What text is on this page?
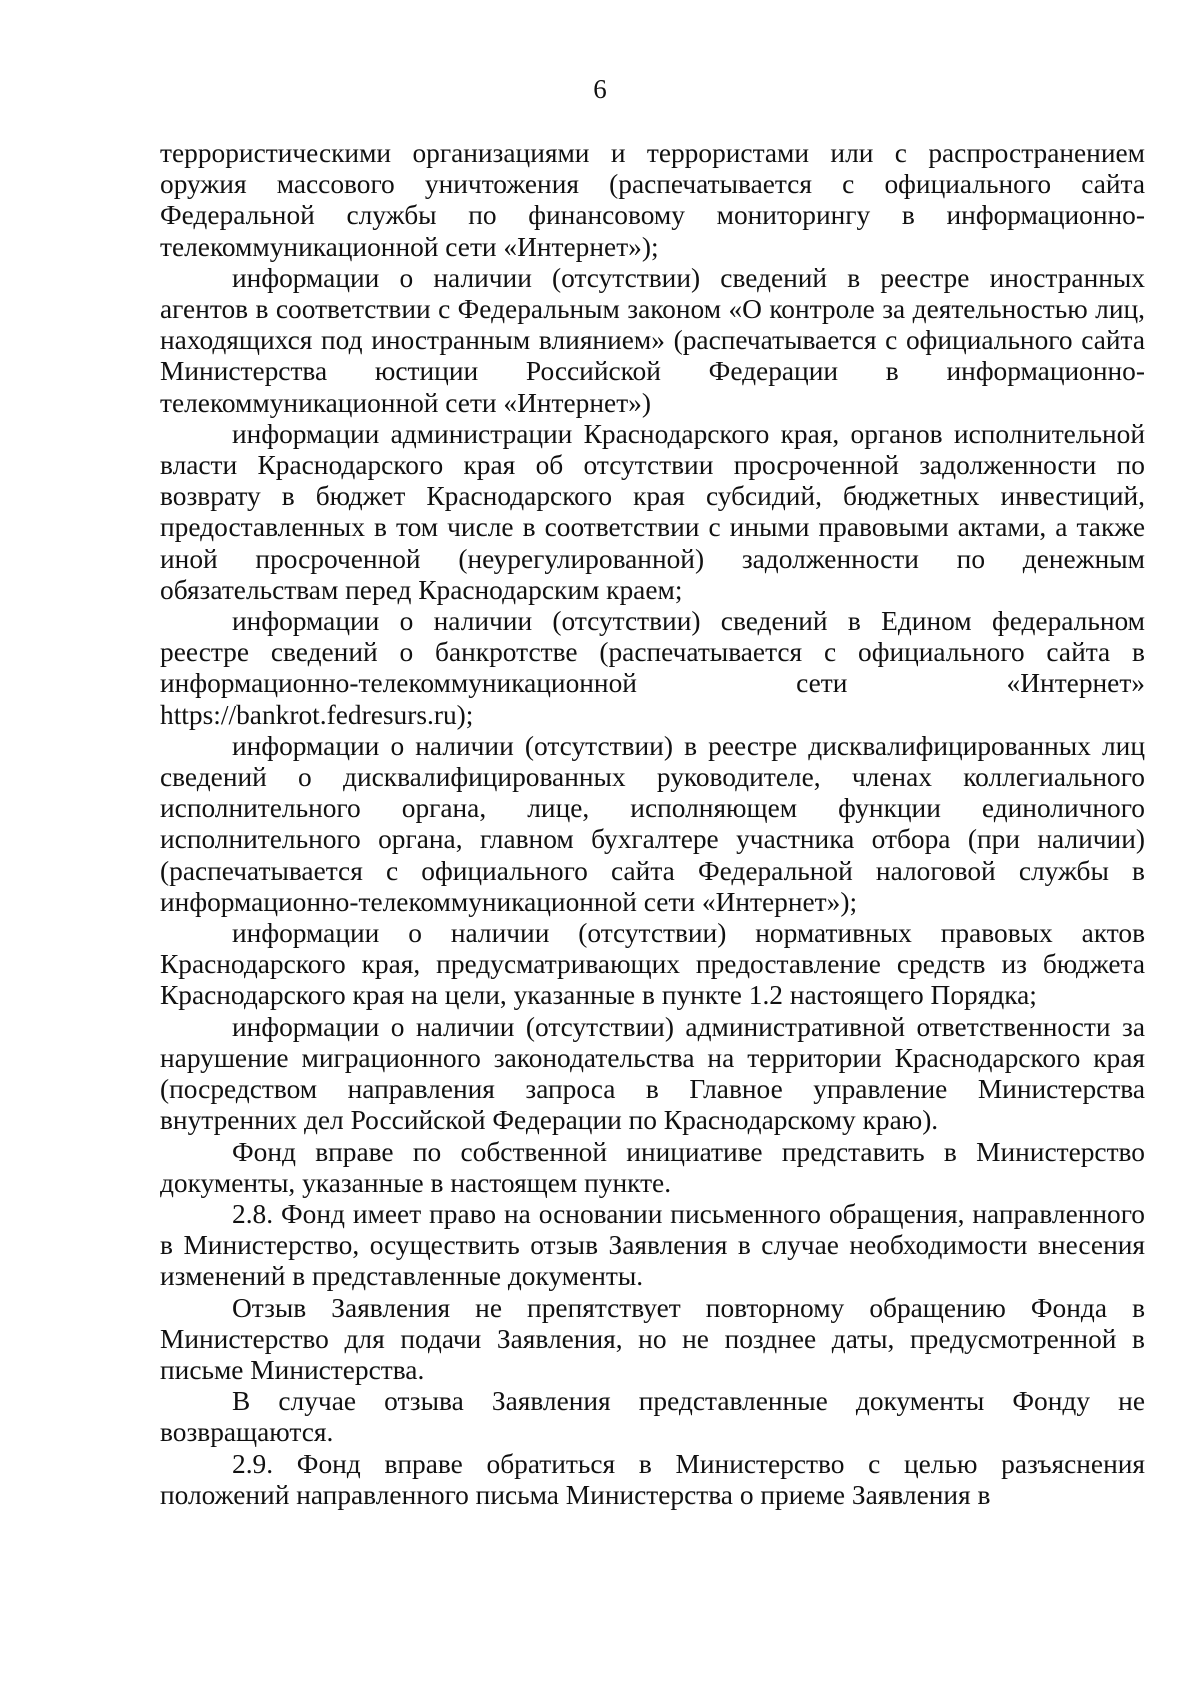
6

террористическими организациями и террористами или с распространением оружия массового уничтожения (распечатывается с официального сайта Федеральной службы по финансовому мониторингу в информационно-телекоммуникационной сети «Интернет»);

информации о наличии (отсутствии) сведений в реестре иностранных агентов в соответствии с Федеральным законом «О контроле за деятельностью лиц, находящихся под иностранным влиянием» (распечатывается с официального сайта Министерства юстиции Российской Федерации в информационно-телекоммуникационной сети «Интернет»)

информации администрации Краснодарского края, органов исполнительной власти Краснодарского края об отсутствии просроченной задолженности по возврату в бюджет Краснодарского края субсидий, бюджетных инвестиций, предоставленных в том числе в соответствии с иными правовыми актами, а также иной просроченной (неурегулированной) задолженности по денежным обязательствам перед Краснодарским краем;

информации о наличии (отсутствии) сведений в Едином федеральном реестре сведений о банкротстве (распечатывается с официального сайта в информационно-телекоммуникационной сети «Интернет» https://bankrot.fedresurs.ru);

информации о наличии (отсутствии) в реестре дисквалифицированных лиц сведений о дисквалифицированных руководителе, членах коллегиального исполнительного органа, лице, исполняющем функции единоличного исполнительного органа, главном бухгалтере участника отбора (при наличии) (распечатывается с официального сайта Федеральной налоговой службы в информационно-телекоммуникационной сети «Интернет»);

информации о наличии (отсутствии) нормативных правовых актов Краснодарского края, предусматривающих предоставление средств из бюджета Краснодарского края на цели, указанные в пункте 1.2 настоящего Порядка;

информации о наличии (отсутствии) административной ответственности за нарушение миграционного законодательства на территории Краснодарского края (посредством направления запроса в Главное управление Министерства внутренних дел Российской Федерации по Краснодарскому краю).

Фонд вправе по собственной инициативе представить в Министерство документы, указанные в настоящем пункте.

2.8. Фонд имеет право на основании письменного обращения, направленного в Министерство, осуществить отзыв Заявления в случае необходимости внесения изменений в представленные документы.

Отзыв Заявления не препятствует повторному обращению Фонда в Министерство для подачи Заявления, но не позднее даты, предусмотренной в письме Министерства.

В случае отзыва Заявления представленные документы Фонду не возвращаются.

2.9. Фонд вправе обратиться в Министерство с целью разъяснения положений направленного письма Министерства о приеме Заявления в
